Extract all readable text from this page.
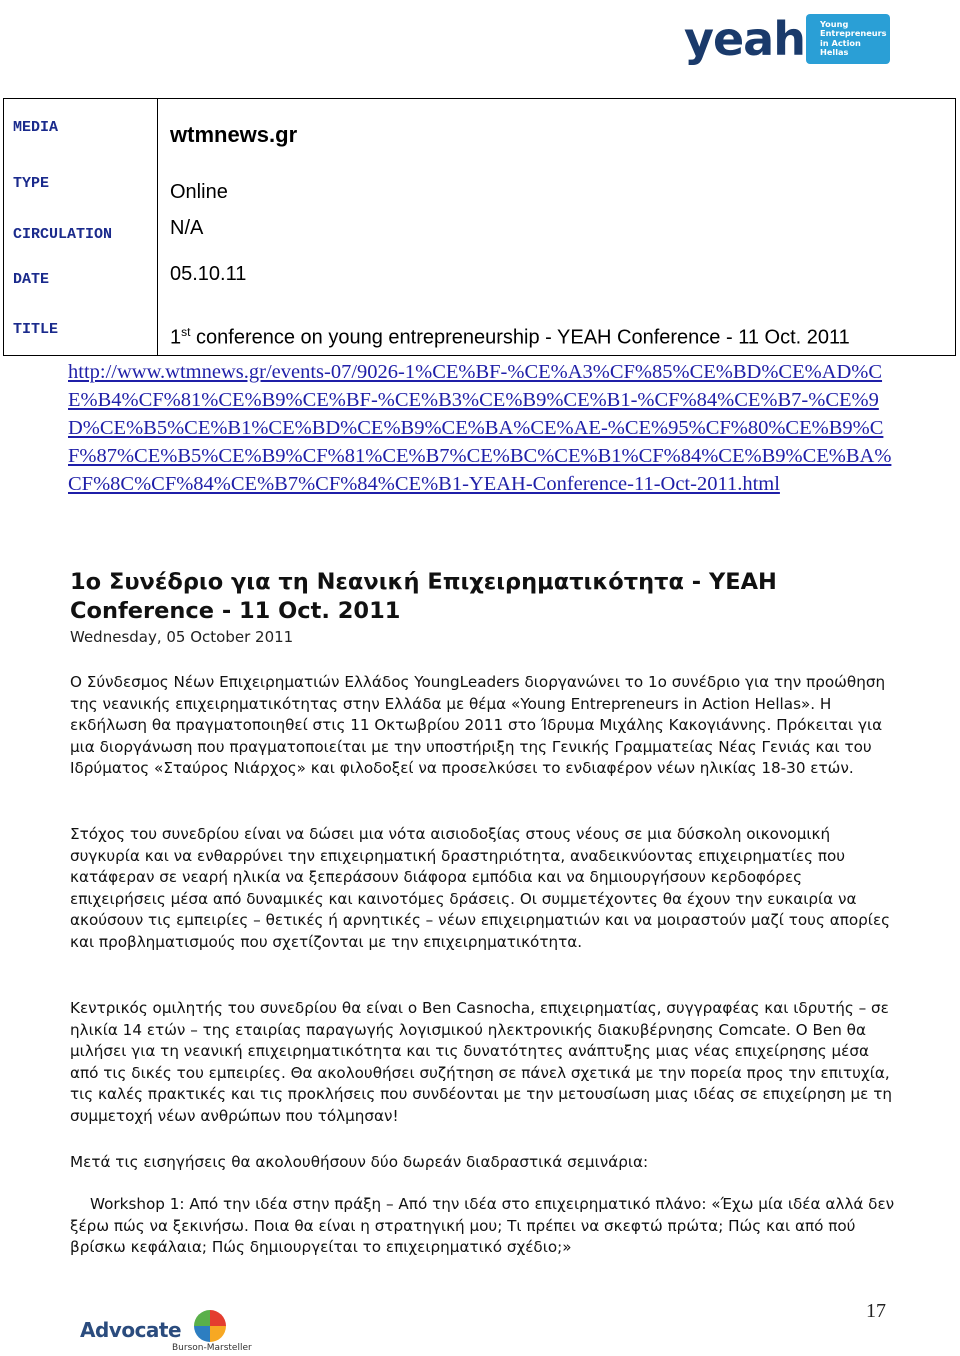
yeah Young
Entrepreneurs
in Action
Hellas
MEDIA
TYPE
CIRCULATION
DATE
TITLE
wtmnews.gr
Online
N/A
05.10.11
1st conference on young entrepreneurship - YEAH Conference - 11 Oct. 2011
http://www.wtmnews.gr/events-07/9026-1%CE%BF-%CE%A3%CF%85%CE%BD%CE%AD%CE%B4%CF%81%CE%B9%CE%BF-%CE%B3%CE%B9%CE%B1-%CF%84%CE%B7-%CE%9D%CE%B5%CE%B1%CE%BD%CE%B9%CE%BA%CE%AE-%CE%95%CF%80%CE%B9%CF%87%CE%B5%CE%B9%CF%81%CE%B7%CE%BC%CE%B1%CF%84%CE%B9%CE%BA%CF%8C%CF%84%CE%B7%CF%84%CE%B1-YEAH-Conference-11-Oct-2011.html
1ο Συνέδριο για τη Νεανική Επιχειρηματικότητα - YEAH Conference - 11 Oct. 2011
Wednesday, 05 October 2011
Ο Σύνδεσμος Νέων Επιχειρηματιών Ελλάδος YoungLeaders διοργανώνει το 1ο συνέδριο για την προώθηση της νεανικής επιχειρηματικότητας στην Ελλάδα με θέμα «Young Entrepreneurs in Action Hellas». Η εκδήλωση θα πραγματοποιηθεί στις 11 Οκτωβρίου 2011 στο Ίδρυμα Μιχάλης Κακογιάννης. Πρόκειται για μια διοργάνωση που πραγματοποιείται με την υποστήριξη της Γενικής Γραμματείας Νέας Γενιάς και του Ιδρύματος «Σταύρος Νιάρχος» και φιλοδοξεί να προσελκύσει το ενδιαφέρον νέων ηλικίας 18-30 ετών.
Στόχος του συνεδρίου είναι να δώσει μια νότα αισιοδοξίας στους νέους σε μια δύσκολη οικονομική συγκυρία και να ενθαρρύνει την επιχειρηματική δραστηριότητα, αναδεικνύοντας επιχειρηματίες που κατάφεραν σε νεαρή ηλικία να ξεπεράσουν διάφορα εμπόδια και να δημιουργήσουν κερδοφόρες επιχειρήσεις μέσα από δυναμικές και καινοτόμες δράσεις. Οι συμμετέχοντες θα έχουν την ευκαιρία να ακούσουν τις εμπειρίες – θετικές ή αρνητικές – νέων επιχειρηματιών και να μοιραστούν μαζί τους απορίες και προβληματισμούς που σχετίζονται με την επιχειρηματικότητα.
Κεντρικός ομιλητής του συνεδρίου θα είναι ο Ben Casnocha, επιχειρηματίας, συγγραφέας και ιδρυτής – σε ηλικία 14 ετών – της εταιρίας παραγωγής λογισμικού ηλεκτρονικής διακυβέρνησης Comcate. Ο Ben θα μιλήσει για τη νεανική επιχειρηματικότητα και τις δυνατότητες ανάπτυξης μιας νέας επιχείρησης μέσα από τις δικές του εμπειρίες. Θα ακολουθήσει συζήτηση σε πάνελ σχετικά με την πορεία προς την επιτυχία, τις καλές πρακτικές και τις προκλήσεις που συνδέονται με την μετουσίωση μιας ιδέας σε επιχείρηση με τη συμμετοχή νέων ανθρώπων που τόλμησαν!
Μετά τις εισηγήσεις θα ακολουθήσουν δύο δωρεάν διαδραστικά σεμινάρια:
Workshop 1: Από την ιδέα στην πράξη – Από την ιδέα στο επιχειρηματικό πλάνο: «Έχω μία ιδέα αλλά δεν ξέρω πώς να ξεκινήσω. Ποια θα είναι η στρατηγική μου; Τι πρέπει να σκεφτώ πρώτα; Πώς και από πού βρίσκω κεφάλαια; Πώς δημιουργείται το επιχειρηματικό σχέδιο;»
17
Advocate
Burson-Marsteller
